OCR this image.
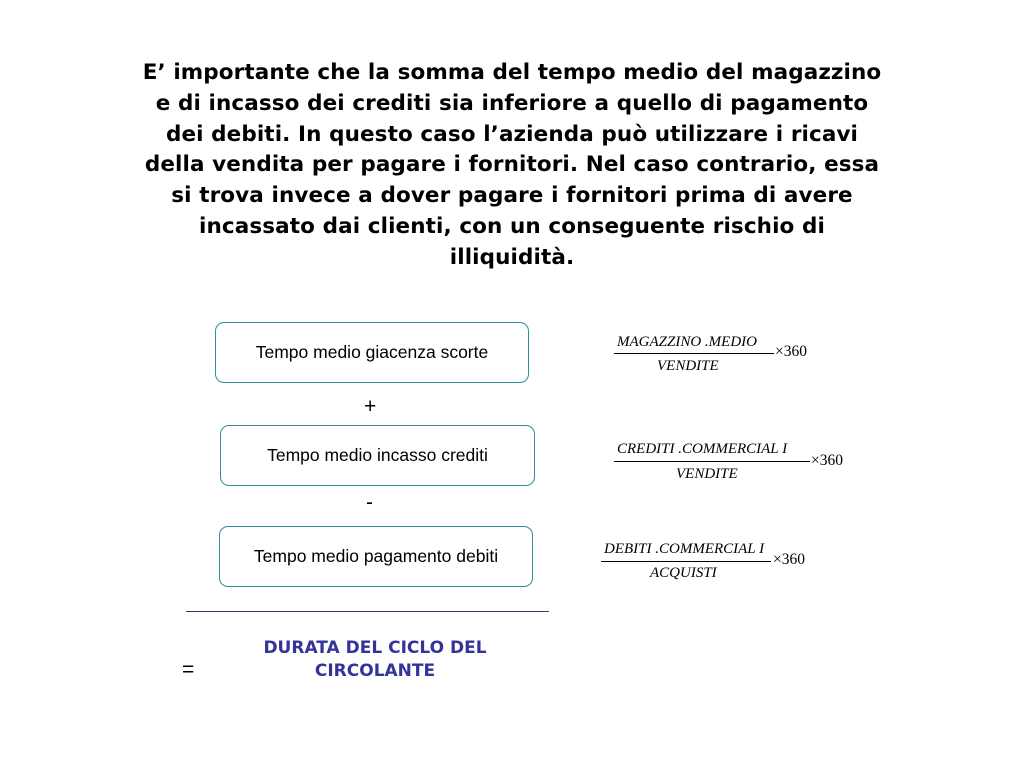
E’ importante che la somma del tempo medio del magazzino
e di incasso dei crediti sia inferiore a quello di pagamento
dei debiti. In questo caso l’azienda può utilizzare i ricavi
della vendita per pagare i fornitori. Nel caso contrario, essa
si trova invece a dover pagare i fornitori prima di avere
incassato dai clienti, con un conseguente rischio di
illiquidità.

Tempo medio giacenza scorte	MAGAZZINO .MEDIO
VENDITE
×360
+
Tempo medio incasso crediti	CREDITI .COMMERCIAL I
VENDITE
×360
-
Tempo medio pagamento debiti	DEBITI .COMMERCIAL I
ACQUISTI
×360
=

DURATA DEL CICLO DEL
CIRCOLANTE
